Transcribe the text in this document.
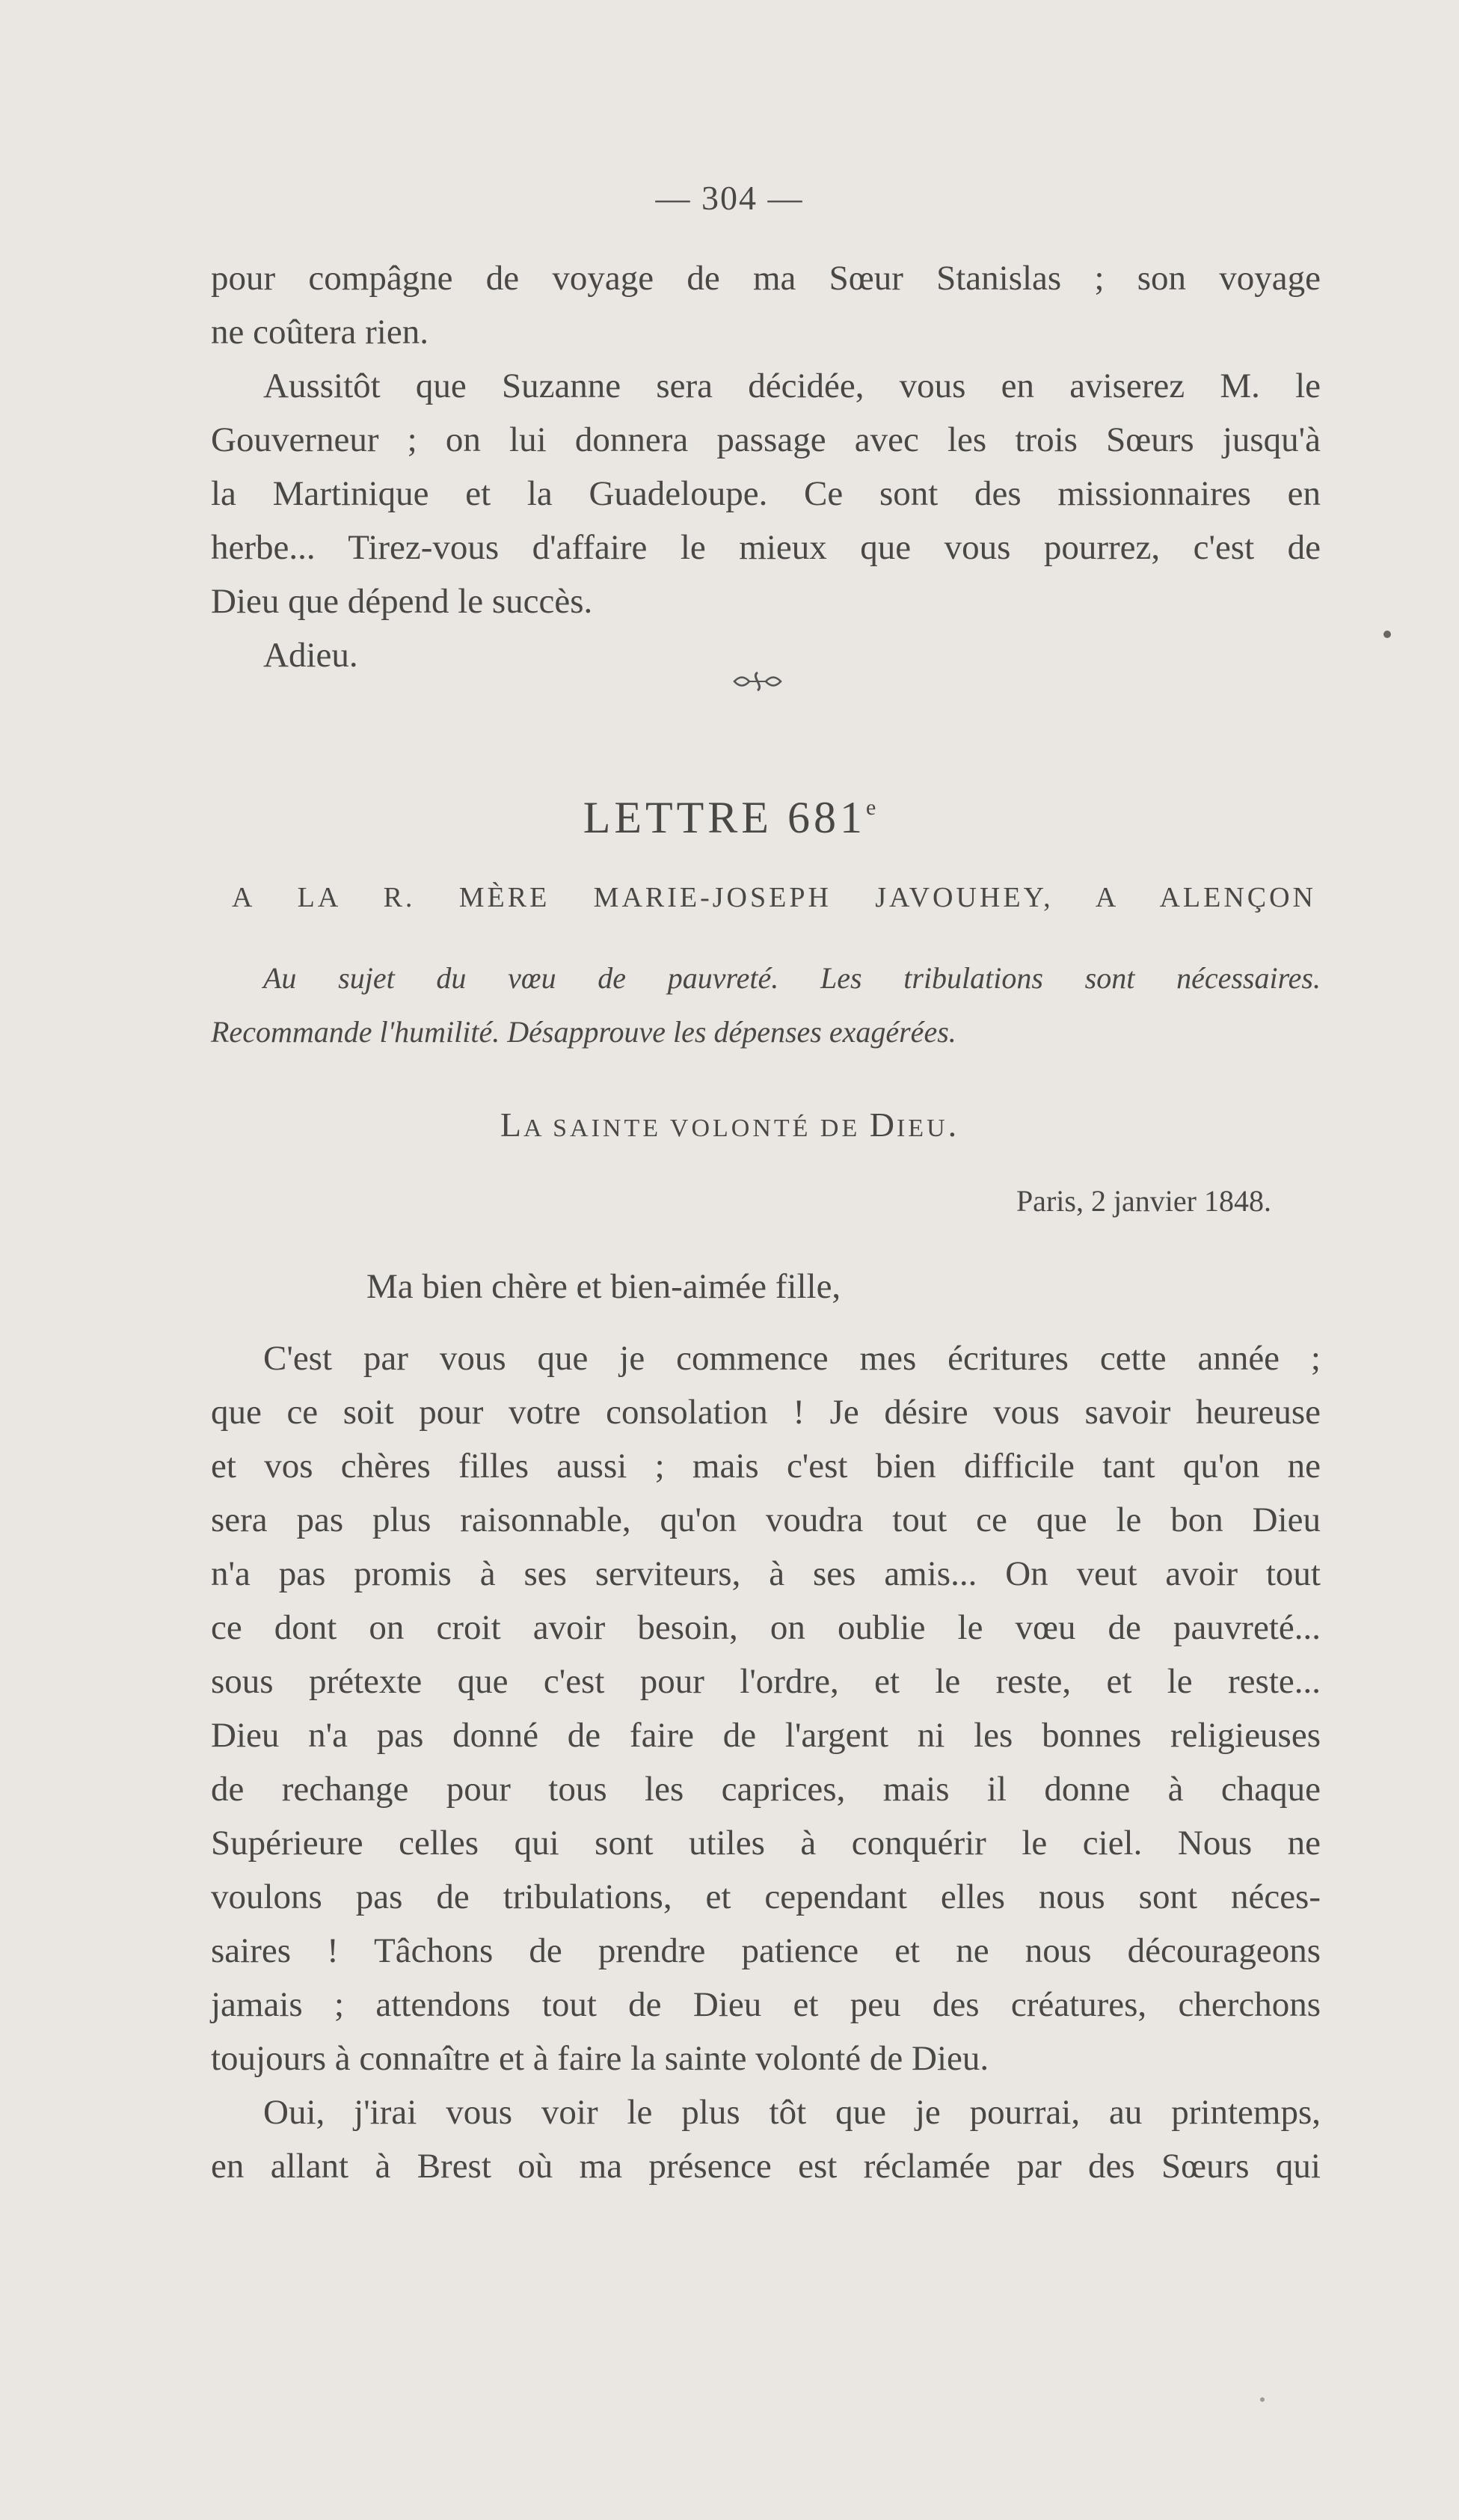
— 304 —
pour compâgne de voyage de ma Sœur Stanislas ; son voyage
ne coûtera rien.
Aussitôt que Suzanne sera décidée, vous en aviserez M. le
Gouverneur ; on lui donnera passage avec les trois Sœurs jusqu'à
la Martinique et la Guadeloupe. Ce sont des missionnaires en
herbe... Tirez-vous d'affaire le mieux que vous pourrez, c'est de
Dieu que dépend le succès.
Adieu.
LETTRE 681e
A LA R. MÈRE MARIE-JOSEPH JAVOUHEY, A ALENÇON
Au sujet du vœu de pauvreté. Les tribulations sont nécessaires.
Recommande l'humilité. Désapprouve les dépenses exagérées.
LA SAINTE VOLONTÉ DE DIEU.
Paris, 2 janvier 1848.
Ma bien chère et bien-aimée fille,
C'est par vous que je commence mes écritures cette année ;
que ce soit pour votre consolation ! Je désire vous savoir heureuse
et vos chères filles aussi ; mais c'est bien difficile tant qu'on ne
sera pas plus raisonnable, qu'on voudra tout ce que le bon Dieu
n'a pas promis à ses serviteurs, à ses amis... On veut avoir tout
ce dont on croit avoir besoin, on oublie le vœu de pauvreté...
sous prétexte que c'est pour l'ordre, et le reste, et le reste...
Dieu n'a pas donné de faire de l'argent ni les bonnes religieuses
de rechange pour tous les caprices, mais il donne à chaque
Supérieure celles qui sont utiles à conquérir le ciel. Nous ne
voulons pas de tribulations, et cependant elles nous sont néces-
saires ! Tâchons de prendre patience et ne nous décourageons
jamais ; attendons tout de Dieu et peu des créatures, cherchons
toujours à connaître et à faire la sainte volonté de Dieu.
Oui, j'irai vous voir le plus tôt que je pourrai, au printemps,
en allant à Brest où ma présence est réclamée par des Sœurs qui
